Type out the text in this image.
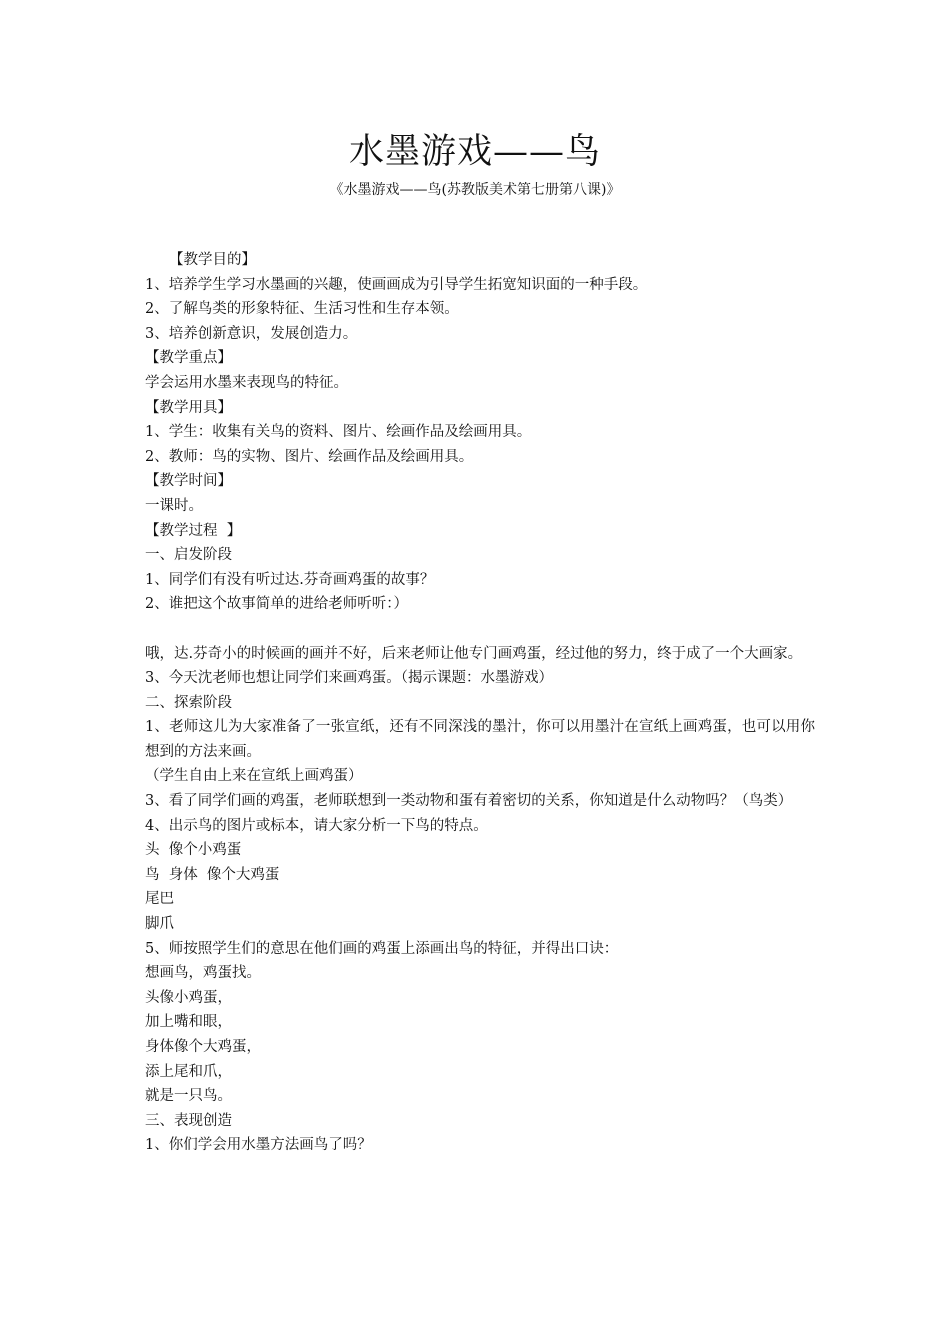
水墨游戏——鸟
《水墨游戏——鸟(苏教版美术第七册第八课)》
【教学目的】
1、培养学生学习水墨画的兴趣，使画画成为引导学生拓宽知识面的一种手段。
2、了解鸟类的形象特征、生活习性和生存本领。
3、培养创新意识，发展创造力。
【教学重点】
学会运用水墨来表现鸟的特征。
【教学用具】
1、学生：收集有关鸟的资料、图片、绘画作品及绘画用具。
2、教师：鸟的实物、图片、绘画作品及绘画用具。
【教学时间】
一课时。
【教学过程  】
一、启发阶段
1、同学们有没有听过达.芬奇画鸡蛋的故事？
2、谁把这个故事简单的进给老师听听：）
哦，达.芬奇小的时候画的画并不好，后来老师让他专门画鸡蛋，经过他的努力，终于成了一个大画家。
3、今天沈老师也想让同学们来画鸡蛋。（揭示课题：水墨游戏）
二、探索阶段
1、老师这儿为大家准备了一张宣纸，还有不同深浅的墨汁，你可以用墨汁在宣纸上画鸡蛋，也可以用你想到的方法来画。
（学生自由上来在宣纸上画鸡蛋）
3、看了同学们画的鸡蛋，老师联想到一类动物和蛋有着密切的关系，你知道是什么动物吗？（鸟类）
4、出示鸟的图片或标本，请大家分析一下鸟的特点。
头  像个小鸡蛋
鸟  身体  像个大鸡蛋
尾巴
脚爪
5、师按照学生们的意思在他们画的鸡蛋上添画出鸟的特征，并得出口诀：
想画鸟，鸡蛋找。
头像小鸡蛋，
加上嘴和眼，
身体像个大鸡蛋，
添上尾和爪，
就是一只鸟。
三、表现创造
1、你们学会用水墨方法画鸟了吗？
